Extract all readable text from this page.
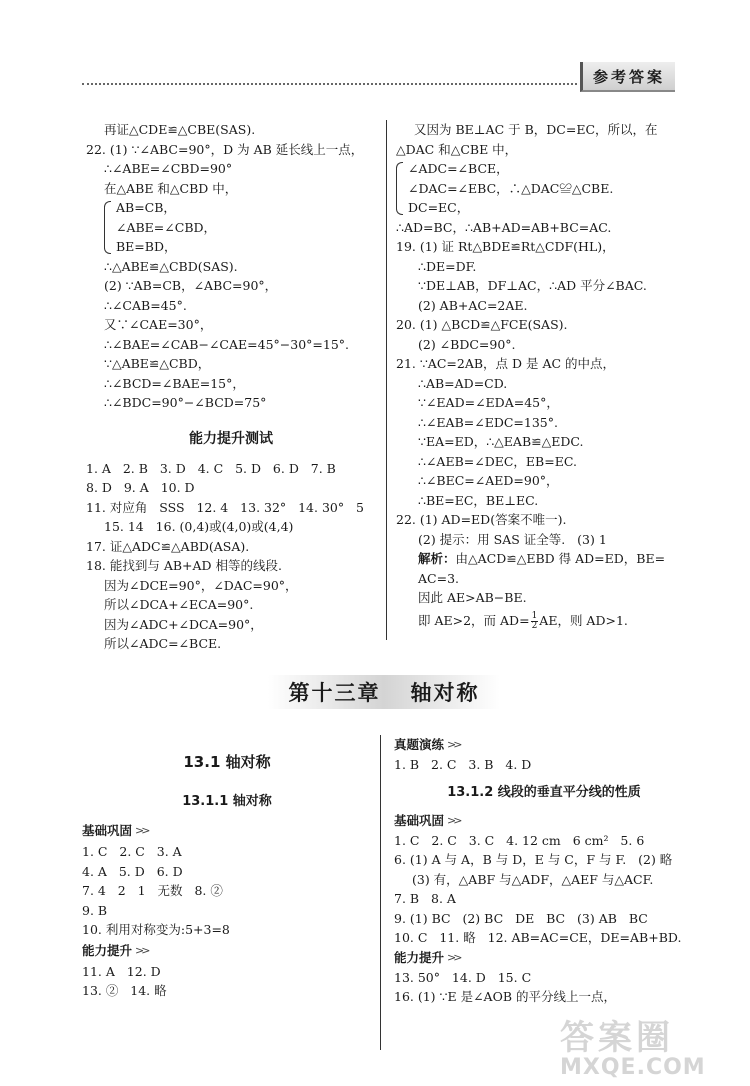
参考答案
再证△CDE≌△CBE(SAS).
22. (1) ∵∠ABC=90°，D 为 AB 延长线上一点，
∴∠ABE=∠CBD=90°
在△ABE 和△CBD 中，
AB=CB，
∠ABE=∠CBD，
BE=BD，
∴△ABE≌△CBD(SAS).
(2) ∵AB=CB，∠ABC=90°，
∴∠CAB=45°.
又∵∠CAE=30°，
∴∠BAE=∠CAB−∠CAE=45°−30°=15°.
∵△ABE≌△CBD，
∴∠BCD=∠BAE=15°，
∴∠BDC=90°−∠BCD=75°
能力提升测试
1. A   2. B   3. D   4. C   5. D   6. D   7. B
8. D   9. A   10. D
11. 对应角   SSS   12. 4   13. 32°   14. 30°   5
15. 14   16. (0,4)或(4,0)或(4,4)
17. 证△ADC≌△ABD(ASA).
18. 能找到与 AB+AD 相等的线段.
因为∠DCE=90°，∠DAC=90°，
所以∠DCA+∠ECA=90°.
因为∠ADC+∠DCA=90°，
所以∠ADC=∠BCE.
又因为 BE⊥AC 于 B，DC=EC，所以，在
△DAC 和△CBE 中，
∠ADC=∠BCE，
∠DAC=∠EBC，∴△DAC≌△CBE.
DC=EC，
∴AD=BC，∴AB+AD=AB+BC=AC.
19. (1) 证 Rt△BDE≌Rt△CDF(HL)，
∴DE=DF.
∵DE⊥AB，DF⊥AC，∴AD 平分∠BAC.
(2) AB+AC=2AE.
20. (1) △BCD≌△FCE(SAS).
(2) ∠BDC=90°.
21. ∵AC=2AB，点 D 是 AC 的中点，
∴AB=AD=CD.
∵∠EAD=∠EDA=45°，
∴∠EAB=∠EDC=135°.
∵EA=ED，∴△EAB≌△EDC.
∴∠AEB=∠DEC，EB=EC.
∴∠BEC=∠AED=90°，
∴BE=EC，BE⊥EC.
22. (1) AD=ED(答案不唯一).
(2) 提示：用 SAS 证全等.   (3) 1
解析：由△ACD≌△EBD 得 AD=ED，BE=
AC=3.
因此 AE>AB−BE.
即 AE>2，而 $AD= \frac{1}{2}$ AE，则 AD>1.
第十三章 轴对称
13.1 轴对称
13.1.1 轴对称
基础巩固 >>
1. C   2. C   3. A
4. A   5. D   6. D
7. 4   2   1   无数   8. ②
9. B
10. 利用对称变为:5+3=8
能力提升 >>
11. A   12. D
13. ②   14. 略
真题演练 >>
1. B   2. C   3. B   4. D
13.1.2 线段的垂直平分线的性质
基础巩固 >>
1. C   2. C   3. C   4. 12 cm   6 cm²   5. 6
6. (1) A 与 A，B 与 D，E 与 C，F 与 F.   (2) 略
(3) 有，△ABF 与△ADF，△AEF 与△ACF.
7. B   8. A
9. (1) BC   (2) BC   DE   BC   (3) AB   BC
10. C   11. 略   12. AB=AC=CE，DE=AB+BD.
能力提升 >>
13. 50°   14. D   15. C
16. (1) ∵E 是∠AOB 的平分线上一点，
答案圈
MXQE.COM
